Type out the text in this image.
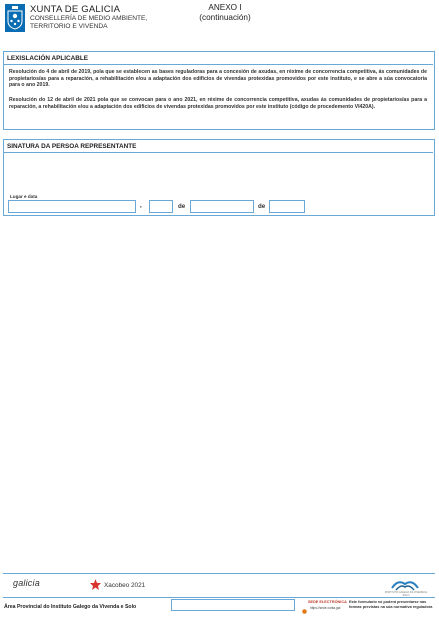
XUNTA DE GALICIA
CONSELLERÍA DE MEDIO AMBIENTE,
TERRITORIO E VIVENDA
ANEXO I
(continuación)
LEXISLACIÓN APLICABLE
Resolución do 4 de abril de 2019, pola que se establecen as bases reguladoras para a concesión de axudas, en réxime de concorrencia competitiva, ás comunidades de propietarios/as para a reparación, a rehabilitación e/ou a adaptación dos edificios de vivendas protexidas promovidos por este instituto, e se abre a súa convocatoria para o ano 2019.
Resolución do 12 de abril de 2021 pola que se convocan para o ano 2021, en réxime de concorrencia competitiva, axudas ás comunidades de propietarios/as para a reparación, a rehabilitación e/ou a adaptación dos edificios de vivendas protexidas promovidos por este instituto (código de procedemento VI420A).
SINATURA DA PERSOA REPRESENTANTE
Lugar e data
,	de	de
galicia	Xacobeo 2021
INSTITUTO GALEGO DA VIVENDA E SOLO
Área Provincial do Instituto Galego da Vivenda e Solo
SEDE ELECTRÓNICA
https://sede.xunta.gal
Este formulario só poderá presentarse nas formas previstas na súa normativa reguladora
